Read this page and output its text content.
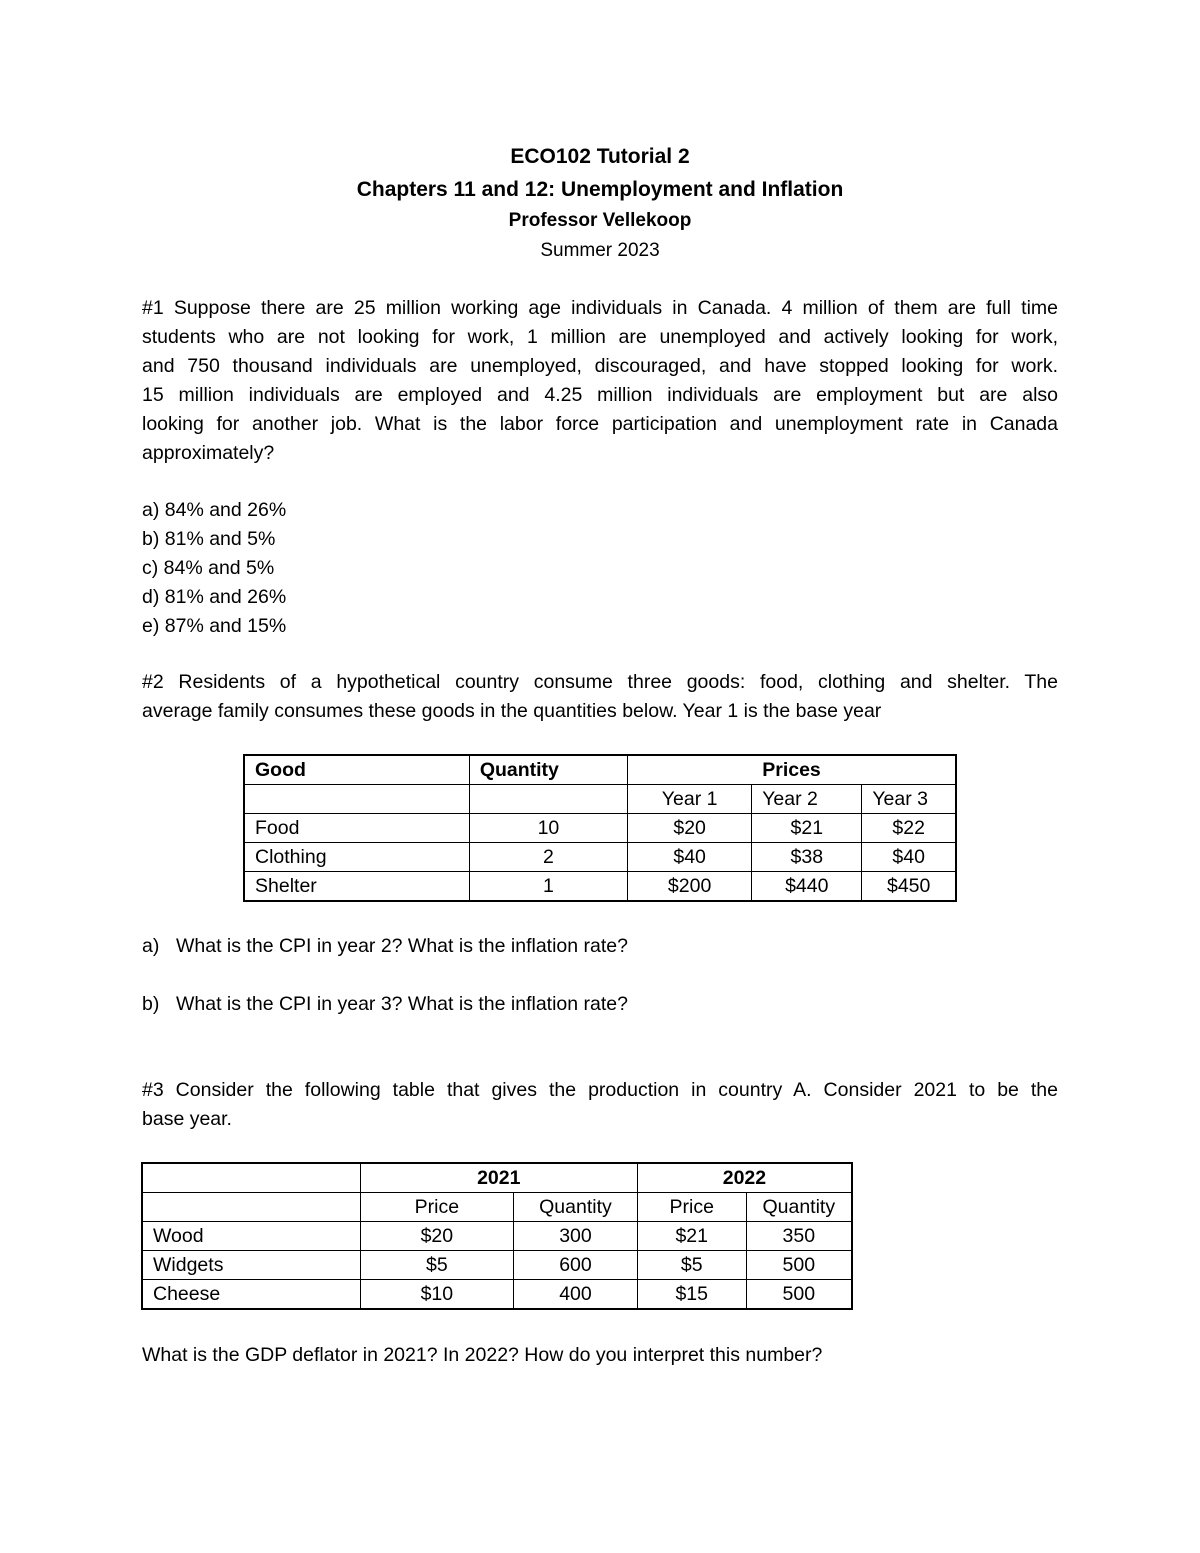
ECO102 Tutorial 2
Chapters 11 and 12: Unemployment and Inflation
Professor Vellekoop
Summer 2023
#1 Suppose there are 25 million working age individuals in Canada. 4 million of them are full time
students who are not looking for work, 1 million are unemployed and actively looking for work,
and 750 thousand individuals are unemployed, discouraged, and have stopped looking for work.
15 million individuals are employed and 4.25 million individuals are employment but are also
looking for another job. What is the labor force participation and unemployment rate in Canada
approximately?
a) 84% and 26%
b) 81% and 5%
c) 84% and 5%
d) 81% and 26%
e) 87% and 15%
#2 Residents of a hypothetical country consume three goods: food, clothing and shelter. The
average family consumes these goods in the quantities below. Year 1 is the base year
Good	Quantity	Prices		
		Year 1	Year 2	Year 3
Food	10	$20	$21	$22
Clothing	2	$40	$38	$40
Shelter	1	$200	$440	$450
a) What is the CPI in year 2? What is the inflation rate?
b) What is the CPI in year 3? What is the inflation rate?
#3 Consider the following table that gives the production in country A. Consider 2021 to be the
base year.
	2021		2022	
	Price	Quantity	Price	Quantity
Wood	$20	300	$21	350
Widgets	$5	600	$5	500
Cheese	$10	400	$15	500
What is the GDP deflator in 2021? In 2022? How do you interpret this number?
